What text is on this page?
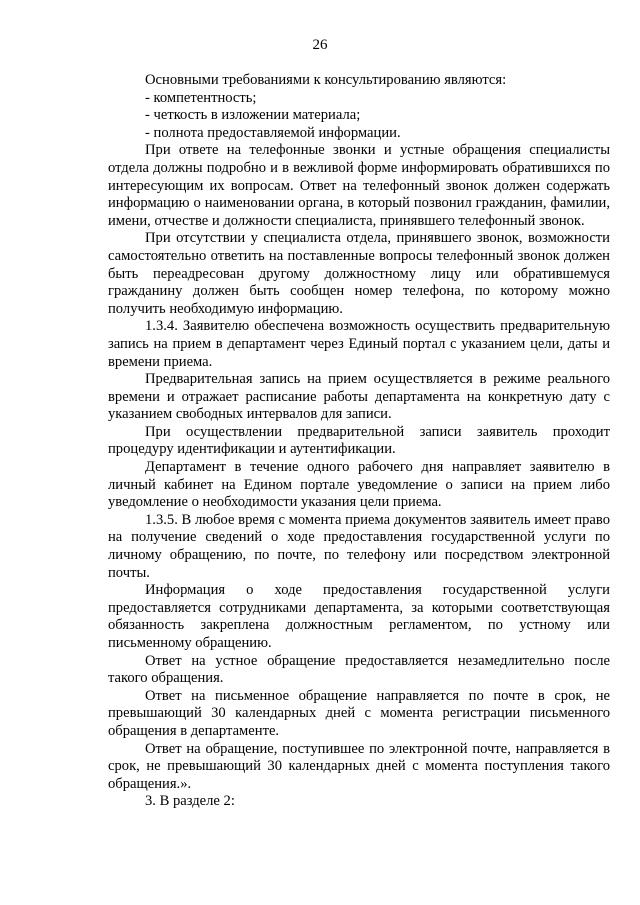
26

Основными требованиями к консультированию являются:

- компетентность;

- четкость в изложении материала;

- полнота предоставляемой информации.

При ответе на телефонные звонки и устные обращения специалисты отдела должны подробно и в вежливой форме информировать обратившихся по интересующим их вопросам. Ответ на телефонный звонок должен содержать информацию о наименовании органа, в который позвонил гражданин, фамилии, имени, отчестве и должности специалиста, принявшего телефонный звонок.

При отсутствии у специалиста отдела, принявшего звонок, возможности самостоятельно ответить на поставленные вопросы телефонный звонок должен быть переадресован другому должностному лицу или обратившемуся гражданину должен быть сообщен номер телефона, по которому можно получить необходимую информацию.

1.3.4. Заявителю обеспечена возможность осуществить предварительную запись на прием в департамент через Единый портал с указанием цели, даты и времени приема.

Предварительная запись на прием осуществляется в режиме реального времени и отражает расписание работы департамента на конкретную дату с указанием свободных интервалов для записи.

При осуществлении предварительной записи заявитель проходит процедуру идентификации и аутентификации.

Департамент в течение одного рабочего дня направляет заявителю в личный кабинет на Едином портале уведомление о записи на прием либо уведомление о необходимости указания цели приема.

1.3.5. В любое время с момента приема документов заявитель имеет право на получение сведений о ходе предоставления государственной услуги по личному обращению, по почте, по телефону или посредством электронной почты.

Информация о ходе предоставления государственной услуги предоставляется сотрудниками департамента, за которыми соответствующая обязанность закреплена должностным регламентом, по устному или письменному обращению.

Ответ на устное обращение предоставляется незамедлительно после такого обращения.

Ответ на письменное обращение направляется по почте в срок, не превышающий 30 календарных дней с момента регистрации письменного обращения в департаменте.

Ответ на обращение, поступившее по электронной почте, направляется в срок, не превышающий 30 календарных дней с момента поступления такого обращения.».

3. В разделе 2:
